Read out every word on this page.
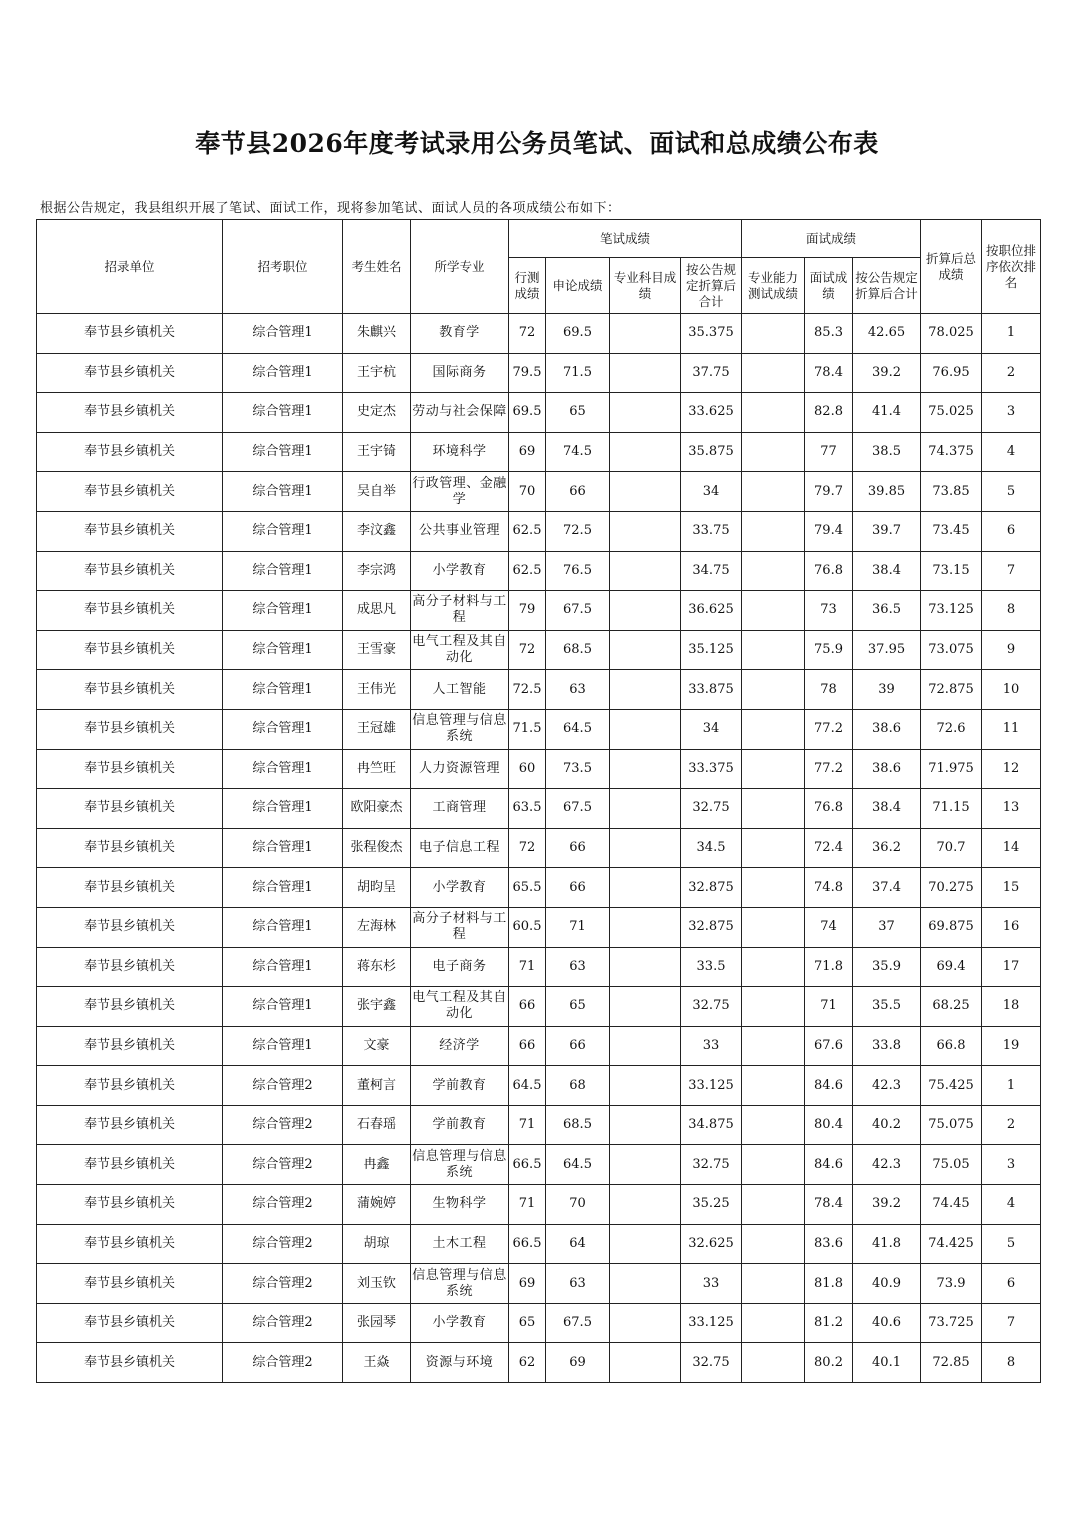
奉节县2026年度考试录用公务员笔试、面试和总成绩公布表
根据公告规定，我县组织开展了笔试、面试工作，现将参加笔试、面试人员的各项成绩公布如下：
招录单位	招考职位	考生姓名	所学专业	笔试成绩				面试成绩			折算后总成绩	按职位排序依次排名
				行测成绩	申论成绩	专业科目成绩	按公告规定折算后合计	专业能力测试成绩	面试成绩	按公告规定折算后合计		
奉节县乡镇机关	综合管理1	朱麒兴	教育学	72	69.5		35.375		85.3	42.65	78.025	1
奉节县乡镇机关	综合管理1	王宇杭	国际商务	79.5	71.5		37.75		78.4	39.2	76.95	2
奉节县乡镇机关	综合管理1	史定杰	劳动与社会保障	69.5	65		33.625		82.8	41.4	75.025	3
奉节县乡镇机关	综合管理1	王宇锜	环境科学	69	74.5		35.875		77	38.5	74.375	4
奉节县乡镇机关	综合管理1	吴自举	行政管理、金融学	70	66		34		79.7	39.85	73.85	5
奉节县乡镇机关	综合管理1	李汶鑫	公共事业管理	62.5	72.5		33.75		79.4	39.7	73.45	6
奉节县乡镇机关	综合管理1	李宗鸿	小学教育	62.5	76.5		34.75		76.8	38.4	73.15	7
奉节县乡镇机关	综合管理1	成思凡	高分子材料与工程	79	67.5		36.625		73	36.5	73.125	8
奉节县乡镇机关	综合管理1	王雪豪	电气工程及其自动化	72	68.5		35.125		75.9	37.95	73.075	9
奉节县乡镇机关	综合管理1	王伟光	人工智能	72.5	63		33.875		78	39	72.875	10
奉节县乡镇机关	综合管理1	王冠雄	信息管理与信息系统	71.5	64.5		34		77.2	38.6	72.6	11
奉节县乡镇机关	综合管理1	冉竺旺	人力资源管理	60	73.5		33.375		77.2	38.6	71.975	12
奉节县乡镇机关	综合管理1	欧阳豪杰	工商管理	63.5	67.5		32.75		76.8	38.4	71.15	13
奉节县乡镇机关	综合管理1	张程俊杰	电子信息工程	72	66		34.5		72.4	36.2	70.7	14
奉节县乡镇机关	综合管理1	胡昀呈	小学教育	65.5	66		32.875		74.8	37.4	70.275	15
奉节县乡镇机关	综合管理1	左海林	高分子材料与工程	60.5	71		32.875		74	37	69.875	16
奉节县乡镇机关	综合管理1	蒋东杉	电子商务	71	63		33.5		71.8	35.9	69.4	17
奉节县乡镇机关	综合管理1	张宇鑫	电气工程及其自动化	66	65		32.75		71	35.5	68.25	18
奉节县乡镇机关	综合管理1	文豪	经济学	66	66		33		67.6	33.8	66.8	19
奉节县乡镇机关	综合管理2	董柯言	学前教育	64.5	68		33.125		84.6	42.3	75.425	1
奉节县乡镇机关	综合管理2	石春瑶	学前教育	71	68.5		34.875		80.4	40.2	75.075	2
奉节县乡镇机关	综合管理2	冉鑫	信息管理与信息系统	66.5	64.5		32.75		84.6	42.3	75.05	3
奉节县乡镇机关	综合管理2	蒲婉婷	生物科学	71	70		35.25		78.4	39.2	74.45	4
奉节县乡镇机关	综合管理2	胡琼	土木工程	66.5	64		32.625		83.6	41.8	74.425	5
奉节县乡镇机关	综合管理2	刘玉钦	信息管理与信息系统	69	63		33		81.8	40.9	73.9	6
奉节县乡镇机关	综合管理2	张园琴	小学教育	65	67.5		33.125		81.2	40.6	73.725	7
奉节县乡镇机关	综合管理2	王焱	资源与环境	62	69		32.75		80.2	40.1	72.85	8
